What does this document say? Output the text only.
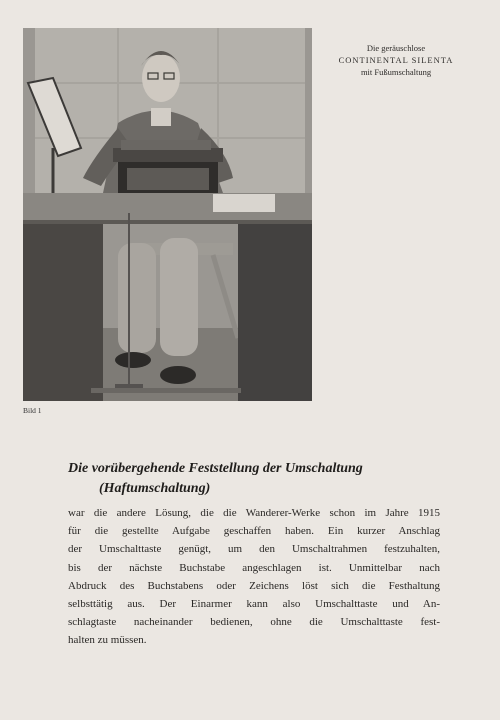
Die geräuschlose
CONTINENTAL SILENTA
mit Fußumschaltung
Bild 1
Die vorübergehende Feststellung der Umschaltung
(Haftumschaltung)
war die andere Lösung, die die Wanderer-Werke schon im Jahre 1915
für die gestellte Aufgabe geschaffen haben. Ein kurzer Anschlag
der Umschalttaste genügt, um den Umschaltrahmen festzuhalten,
bis der nächste Buchstabe angeschlagen ist. Unmittelbar nach
Abdruck des Buchstabens oder Zeichens löst sich die Festhaltung
selbsttätig aus. Der Einarmer kann also Umschalttaste und An-
schlagtaste nacheinander bedienen, ohne die Umschalttaste fest-
halten zu müssen.
